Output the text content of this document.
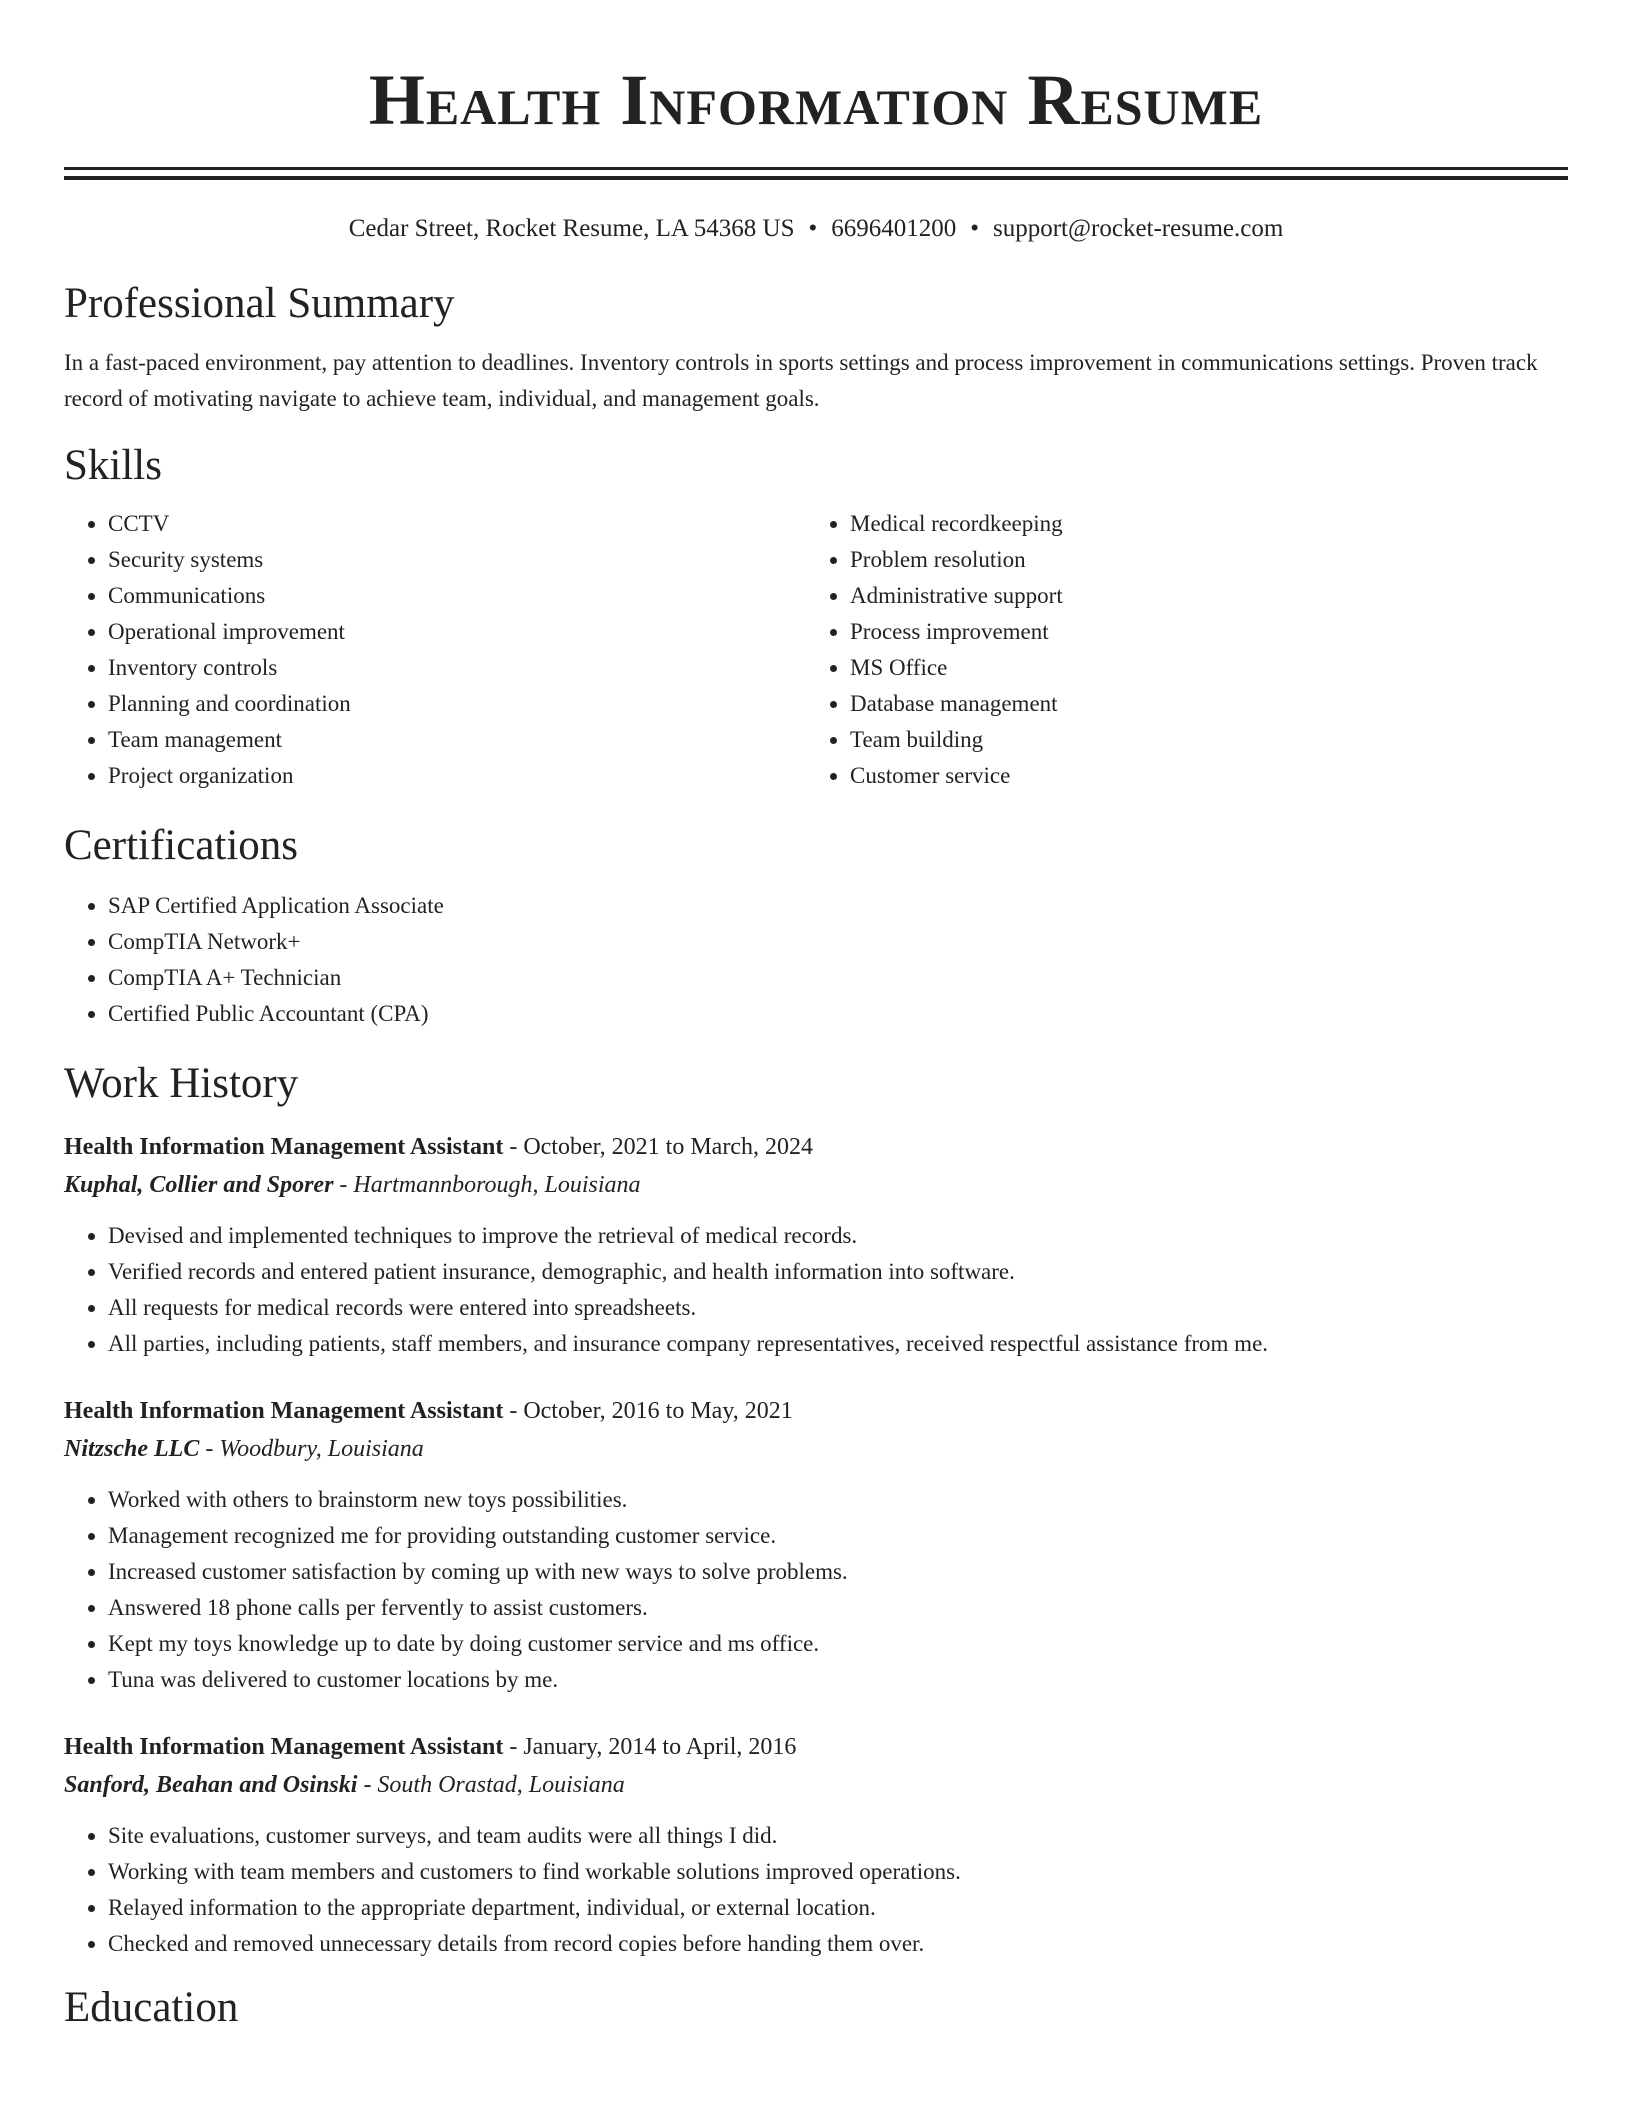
Health Information Resume
Cedar Street, Rocket Resume, LA 54368 US • 6696401200 • support@rocket-resume.com
Professional Summary

In a fast-paced environment, pay attention to deadlines. Inventory controls in sports settings and process improvement in communications settings. Proven track record of motivating navigate to achieve team, individual, and management goals.

Skills
• CCTV
• Security systems
• Communications
• Operational improvement
• Inventory controls
• Planning and coordination
• Team management
• Project organization
• Medical recordkeeping
• Problem resolution
• Administrative support
• Process improvement
• MS Office
• Database management
• Team building
• Customer service
Certifications
• SAP Certified Application Associate
• CompTIA Network+
• CompTIA A+ Technician
• Certified Public Accountant (CPA)
Work History
Health Information Management Assistant - October, 2021 to March, 2024
Kuphal, Collier and Sporer - Hartmannborough, Louisiana
• Devised and implemented techniques to improve the retrieval of medical records.
• Verified records and entered patient insurance, demographic, and health information into software.
• All requests for medical records were entered into spreadsheets.
• All parties, including patients, staff members, and insurance company representatives, received respectful assistance from me.
Health Information Management Assistant - October, 2016 to May, 2021
Nitzsche LLC - Woodbury, Louisiana
• Worked with others to brainstorm new toys possibilities.
• Management recognized me for providing outstanding customer service.
• Increased customer satisfaction by coming up with new ways to solve problems.
• Answered 18 phone calls per fervently to assist customers.
• Kept my toys knowledge up to date by doing customer service and ms office.
• Tuna was delivered to customer locations by me.
Health Information Management Assistant - January, 2014 to April, 2016
Sanford, Beahan and Osinski - South Orastad, Louisiana
• Site evaluations, customer surveys, and team audits were all things I did.
• Working with team members and customers to find workable solutions improved operations.
• Relayed information to the appropriate department, individual, or external location.
• Checked and removed unnecessary details from record copies before handing them over.
Education
